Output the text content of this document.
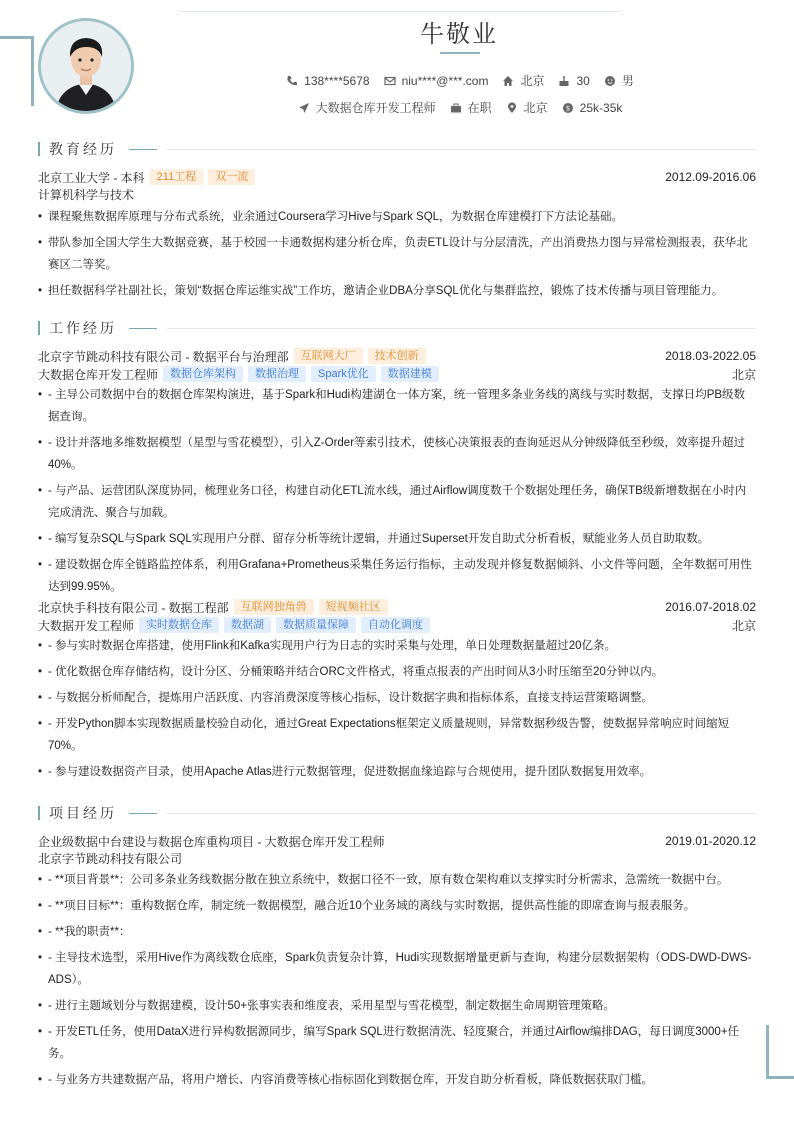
牛敬业
138****5678	niu****@***.com	北京	30	男
大数据仓库开发工程师	在职	北京	$ 25k-35k
教育经历
北京工业大学 - 本科	211工程	双一流	2012.09-2016.06
计算机科学与技术
• 课程聚焦数据库原理与分布式系统，业余通过Coursera学习Hive与Spark SQL，为数据仓库建模打下方法论基础。
• 带队参加全国大学生大数据竞赛，基于校园一卡通数据构建分析仓库，负责ETL设计与分层清洗，产出消费热力图与异常检测报表，获华北赛区二等奖。
• 担任数据科学社副社长，策划“数据仓库运维实战”工作坊，邀请企业DBA分享SQL优化与集群监控，锻炼了技术传播与项目管理能力。
工作经历
北京字节跳动科技有限公司 - 数据平台与治理部	互联网大厂	技术创新	2018.03-2022.05
大数据仓库开发工程师	数据仓库架构	数据治理	Spark优化	数据建模	北京
• - 主导公司数据中台的数据仓库架构演进，基于Spark和Hudi构建湖仓一体方案，统一管理多条业务线的离线与实时数据，支撑日均PB级数据查询。
• - 设计并落地多维数据模型（星型与雪花模型），引入Z-Order等索引技术，使核心决策报表的查询延迟从分钟级降低至秒级，效率提升超过40%。
• - 与产品、运营团队深度协同，梳理业务口径，构建自动化ETL流水线，通过Airflow调度数千个数据处理任务，确保TB级新增数据在小时内完成清洗、聚合与加载。
• - 编写复杂SQL与Spark SQL实现用户分群、留存分析等统计逻辑，并通过Superset开发自助式分析看板，赋能业务人员自助取数。
• - 建设数据仓库全链路监控体系，利用Grafana+Prometheus采集任务运行指标，主动发现并修复数据倾斜、小文件等问题，全年数据可用性达到99.95%。
北京快手科技有限公司 - 数据工程部	互联网独角兽	短视频社区	2016.07-2018.02
大数据开发工程师	实时数据仓库	数据湖	数据质量保障	自动化调度	北京
• - 参与实时数据仓库搭建，使用Flink和Kafka实现用户行为日志的实时采集与处理，单日处理数据量超过20亿条。
• - 优化数据仓库存储结构，设计分区、分桶策略并结合ORC文件格式，将重点报表的产出时间从3小时压缩至20分钟以内。
• - 与数据分析师配合，提炼用户活跃度、内容消费深度等核心指标，设计数据字典和指标体系，直接支持运营策略调整。
• - 开发Python脚本实现数据质量校验自动化，通过Great Expectations框架定义质量规则，异常数据秒级告警，使数据异常响应时间缩短70%。
• - 参与建设数据资产目录，使用Apache Atlas进行元数据管理，促进数据血缘追踪与合规使用，提升团队数据复用效率。
项目经历
企业级数据中台建设与数据仓库重构项目 - 大数据仓库开发工程师	2019.01-2020.12
北京字节跳动科技有限公司
• - **项目背景**：公司多条业务线数据分散在独立系统中，数据口径不一致，原有数仓架构难以支撑实时分析需求，急需统一数据中台。
• - **项目目标**：重构数据仓库，制定统一数据模型，融合近10个业务域的离线与实时数据，提供高性能的即席查询与报表服务。
• - **我的职责**：
• - 主导技术选型，采用Hive作为离线数仓底座，Spark负责复杂计算，Hudi实现数据增量更新与查询，构建分层数据架构（ODS-DWD-DWS-ADS）。
• - 进行主题域划分与数据建模，设计50+张事实表和维度表，采用星型与雪花模型，制定数据生命周期管理策略。
• - 开发ETL任务，使用DataX进行异构数据源同步，编写Spark SQL进行数据清洗、轻度聚合，并通过Airflow编排DAG，每日调度3000+任务。
• - 与业务方共建数据产品，将用户增长、内容消费等核心指标固化到数据仓库，开发自助分析看板，降低数据获取门槛。
